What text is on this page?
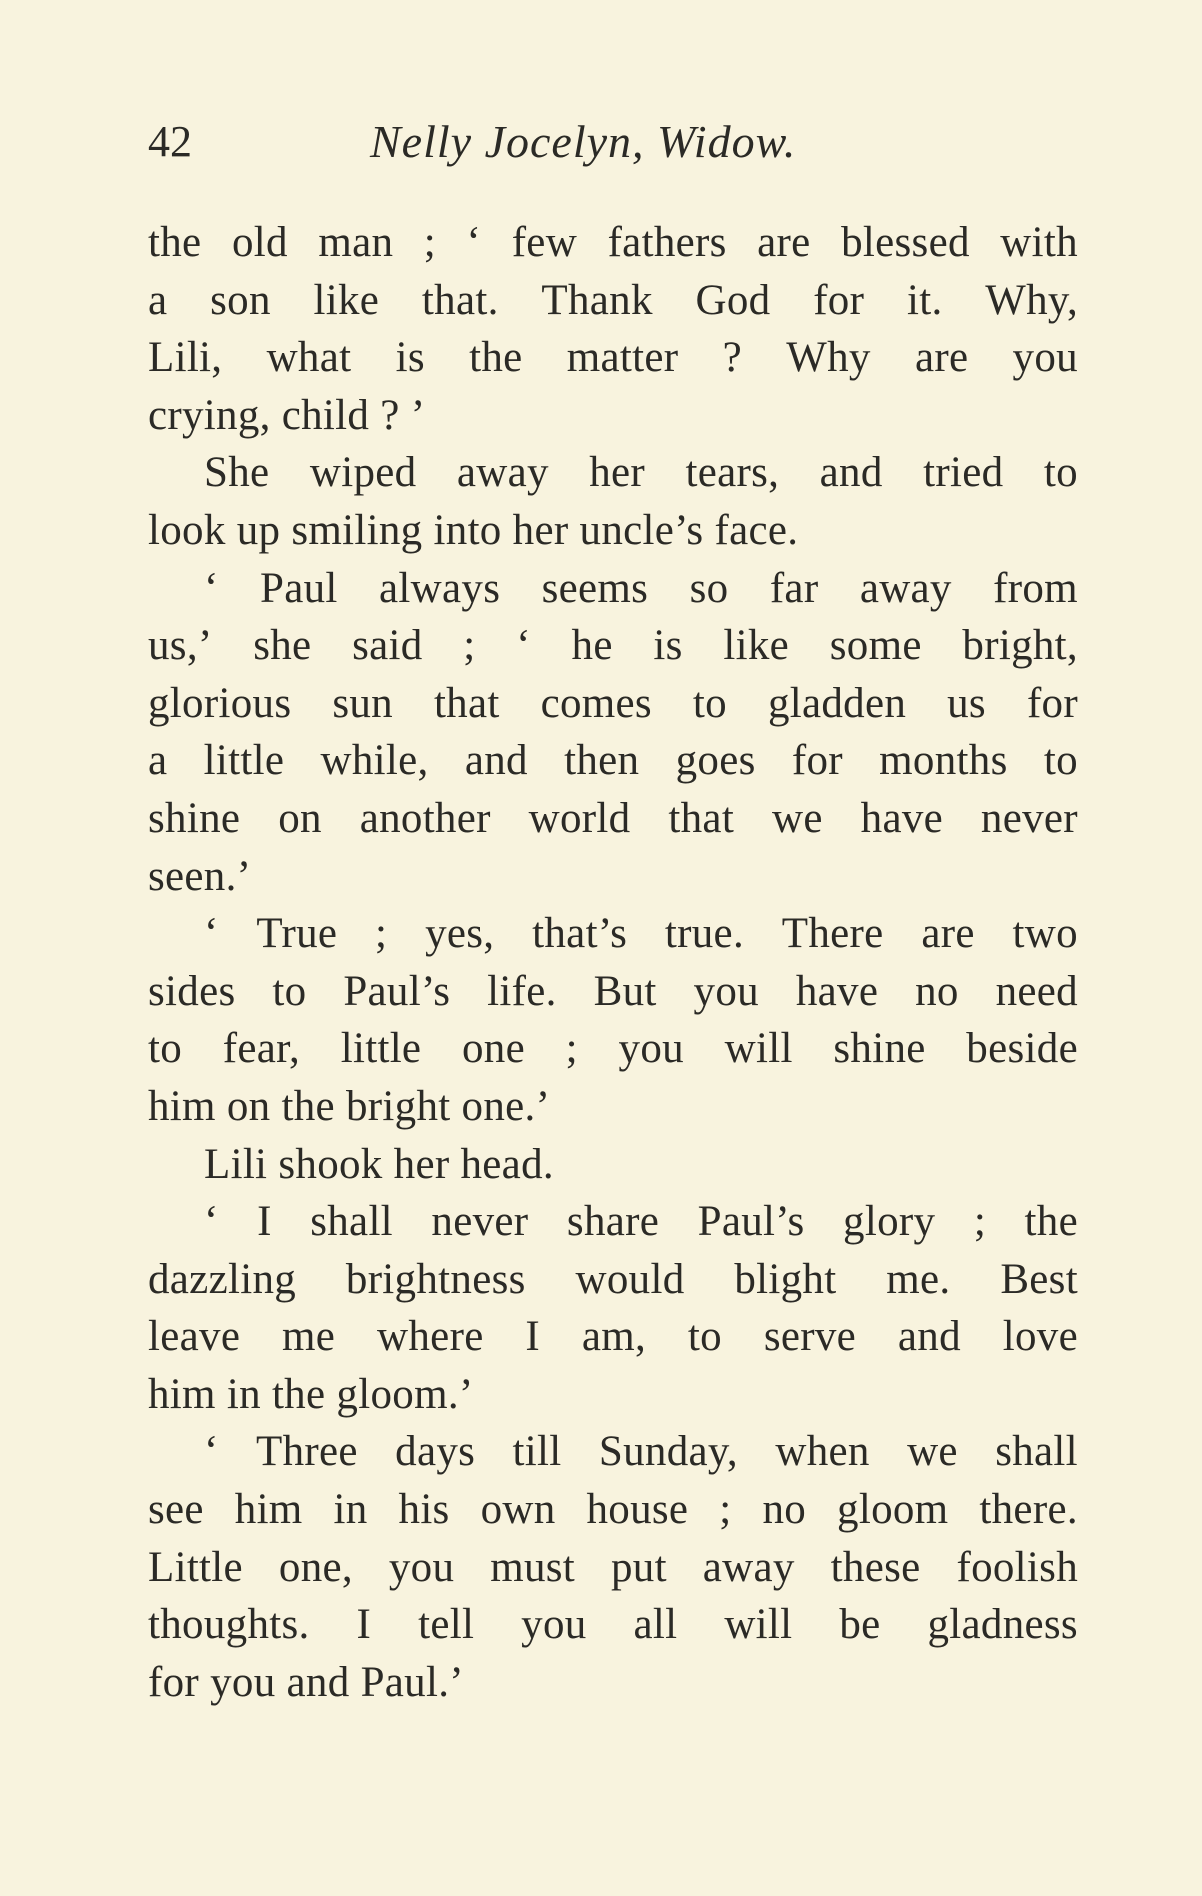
42	Nelly Jocelyn, Widow.
the old man ; ‘ few fathers are blessed with
a son like that. Thank God for it. Why,
Lili, what is the matter ? Why are you
crying, child ? ’
She wiped away her tears, and tried to
look up smiling into her uncle’s face.
‘ Paul always seems so far away from
us,’ she said ; ‘ he is like some bright,
glorious sun that comes to gladden us for
a little while, and then goes for months to
shine on another world that we have never
seen.’
‘ True ; yes, that’s true. There are two
sides to Paul’s life. But you have no need
to fear, little one ; you will shine beside
him on the bright one.’
Lili shook her head.
‘ I shall never share Paul’s glory ; the
dazzling brightness would blight me. Best
leave me where I am, to serve and love
him in the gloom.’
‘ Three days till Sunday, when we shall
see him in his own house ; no gloom there.
Little one, you must put away these foolish
thoughts. I tell you all will be gladness
for you and Paul.’
